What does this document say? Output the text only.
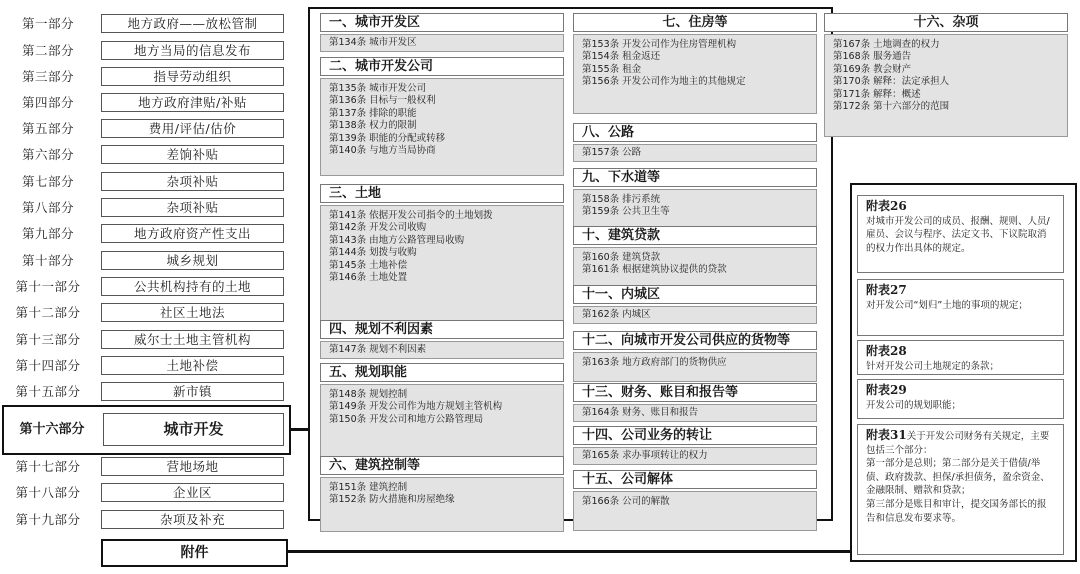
第一部分	地方政府——放松管制
第二部分	地方当局的信息发布
第三部分	指导劳动组织
第四部分	地方政府津贴/补贴
第五部分	费用/评估/估价
第六部分	差饷补贴
第七部分	杂项补贴
第八部分	杂项补贴
第九部分	地方政府资产性支出
第十部分	城乡规划
第十一部分	公共机构持有的土地
第十二部分	社区土地法
第十三部分	威尔士土地主管机构
第十四部分	土地补偿
第十五部分	新市镇
第十六部分	城市开发
第十七部分	营地场地
第十八部分	企业区
第十九部分	杂项及补充
附件
一、城市开发区
第134条 城市开发区
二、城市开发公司
第135条 城市开发公司
第136条 目标与一般权利
第137条 排除的职能
第138条 权力的限制
第139条 职能的分配或转移
第140条 与地方当局协商
三、土地
第141条 依据开发公司指令的土地划拨
第142条 开发公司收购
第143条 由地方公路管理局收购
第144条 划拨与收购
第145条 土地补偿
第146条 土地处置
四、规划不利因素
第147条 规划不利因素
五、规划职能
第148条 规划控制
第149条 开发公司作为地方规划主管机构
第150条 开发公司和地方公路管理局
六、建筑控制等
第151条 建筑控制
第152条 防火措施和房屋绝缘
七、住房等
第153条 开发公司作为住房管理机构
第154条 租金返还
第155条 租金
第156条 开发公司作为地主的其他规定
八、公路
第157条 公路
九、下水道等
第158条 排污系统
第159条 公共卫生等
十、建筑贷款
第160条 建筑贷款
第161条 根据建筑协议提供的贷款
十一、内城区
第162条 内城区
十二、向城市开发公司供应的货物等
第163条 地方政府部门的货物供应
十三、财务、账目和报告等
第164条 财务、账目和报告
十四、公司业务的转让
第165条 求办事项转让的权力
十五、公司解体
第166条 公司的解散
十六、杂项
第167条 土地调查的权力
第168条 服务通告
第169条 教会财产
第170条 解释：法定承担人
第171条 解释：概述
第172条 第十六部分的范围
附表26
对城市开发公司的成员、报酬、规则、人员/雇员、会议与程序、法定文书、下议院取消的权力作出具体的规定。
附表27
对开发公司“划归”土地的事项的规定；
附表28
针对开发公司土地规定的条款；
附表29
开发公司的规划职能；
附表31关于开发公司财务有关规定，主要包括三个部分：
第一部分是总则；第二部分是关于借债/举债、政府拨款、担保/承担债务，盈余资金、金融限制、赠款和贷款；
第三部分是账目和审计，提交国务部长的报告和信息发布要求等。
